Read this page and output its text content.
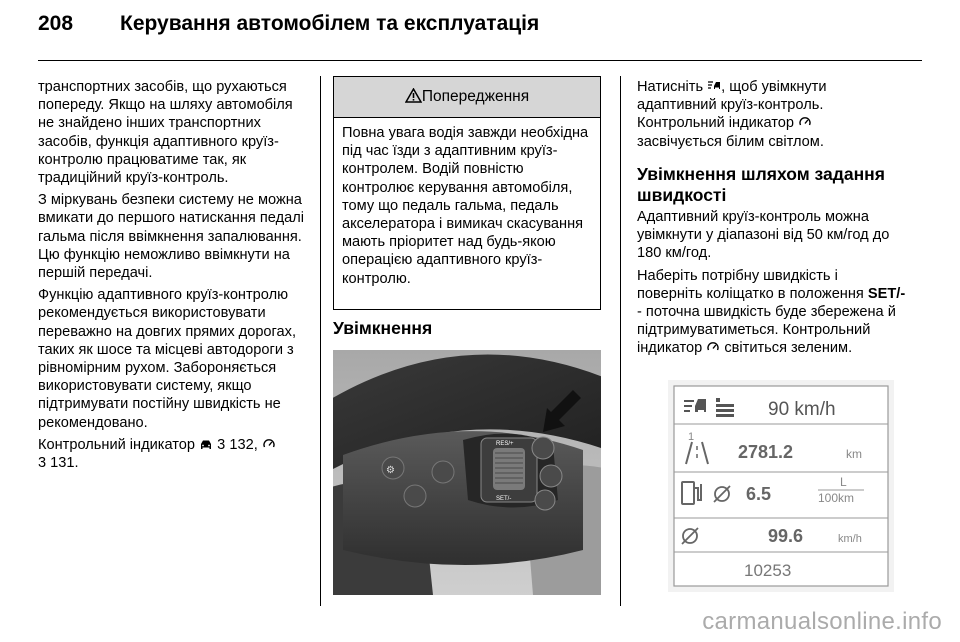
208 Керування автомобілем та експлуатація

транспортних засобів, що рухаються попереду. Якщо на шляху автомобіля не знайдено інших транспортних засобів, функція адаптивного круїз-контролю працюватиме так, як традиційний круїз-контроль.

З міркувань безпеки систему не можна вмикати до першого натискання педалі гальма після ввімкнення запалювання. Цю функцію неможливо ввімкнути на першій передачі.

Функцію адаптивного круїз-контролю рекомендується використовувати переважно на довгих прямих дорогах, таких як шосе та місцеві автодороги з рівномірним рухом. Забороняється використовувати систему, якщо підтримувати постійну швидкість не рекомендовано.

Контрольний індикатор 3 132,
3 131.

Попередження
Повна увага водія завжди необхідна під час їзди з адаптивним круїз-контролем. Водій повністю контролює керування автомобіля, тому що педаль гальма, педаль акселератора і вимикач скасування мають пріоритет над будь-якою операцією адаптивного круїз-контролю.
Увімкнення
⚙
RES/+
SET/-

Натисніть , щоб увімкнути адаптивний круїз-контроль. Контрольний індикатор
засвічується білим світлом.

Увімкнення шляхом задання швидкості

Адаптивний круїз-контроль можна увімкнути у діапазоні від 50 км/год до 180 км/год.

Наберіть потрібну швидкість і поверніть коліщатко в положення SET/- - поточна швидкість буде збережена й підтримуватиметься. Контрольний індикатор світиться зеленим.

90 km/h
1
2781.2	km
6.5
L
100km
99.6	km/h
10253
carmanualsonline.info
